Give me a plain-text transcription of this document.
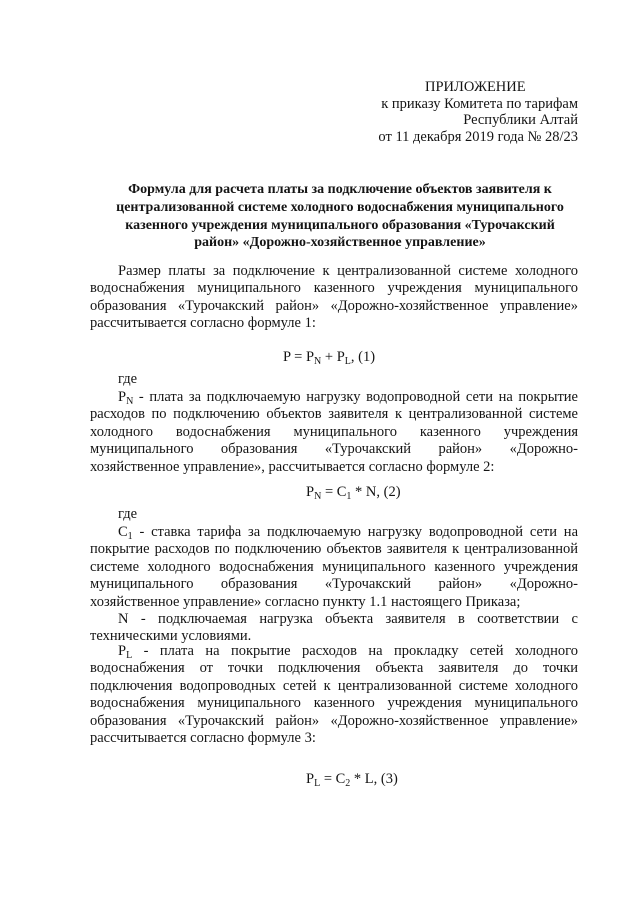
ПРИЛОЖЕНИЕ
к приказу Комитета по тарифам
Республики Алтай
от 11 декабря 2019 года № 28/23
Формула для расчета платы за подключение объектов заявителя к
централизованной системе холодного водоснабжения муниципального
казенного учреждения муниципального образования «Турочакский
район» «Дорожно-хозяйственное управление»
Размер платы за подключение к централизованной системе холодного
водоснабжения муниципального казенного учреждения муниципального
образования «Турочакский район» «Дорожно-хозяйственное управление»
рассчитывается согласно формуле 1:
$P = P_N + P_L$, (1)
где
$P_N$ - плата за подключаемую нагрузку водопроводной сети на покрытие
расходов по подключению объектов заявителя к централизованной системе
холодного водоснабжения муниципального казенного учреждения
муниципального образования «Турочакский район» «Дорожно-
хозяйственное управление», рассчитывается согласно формуле 2:
$P_N = C_1 * N$, (2)
где
$C_1$ - ставка тарифа за подключаемую нагрузку водопроводной сети на
покрытие расходов по подключению объектов заявителя к централизованной
системе холодного водоснабжения муниципального казенного учреждения
муниципального образования «Турочакский район» «Дорожно-
хозяйственное управление» согласно пункту 1.1 настоящего Приказа;
N - подключаемая нагрузка объекта заявителя в соответствии с
техническими условиями.
$P_L$ - плата на покрытие расходов на прокладку сетей холодного
водоснабжения от точки подключения объекта заявителя до точки
подключения водопроводных сетей к централизованной системе холодного
водоснабжения муниципального казенного учреждения муниципального
образования «Турочакский район» «Дорожно-хозяйственное управление»
рассчитывается согласно формуле 3:
$P_L = C_2 * L$, (3)
